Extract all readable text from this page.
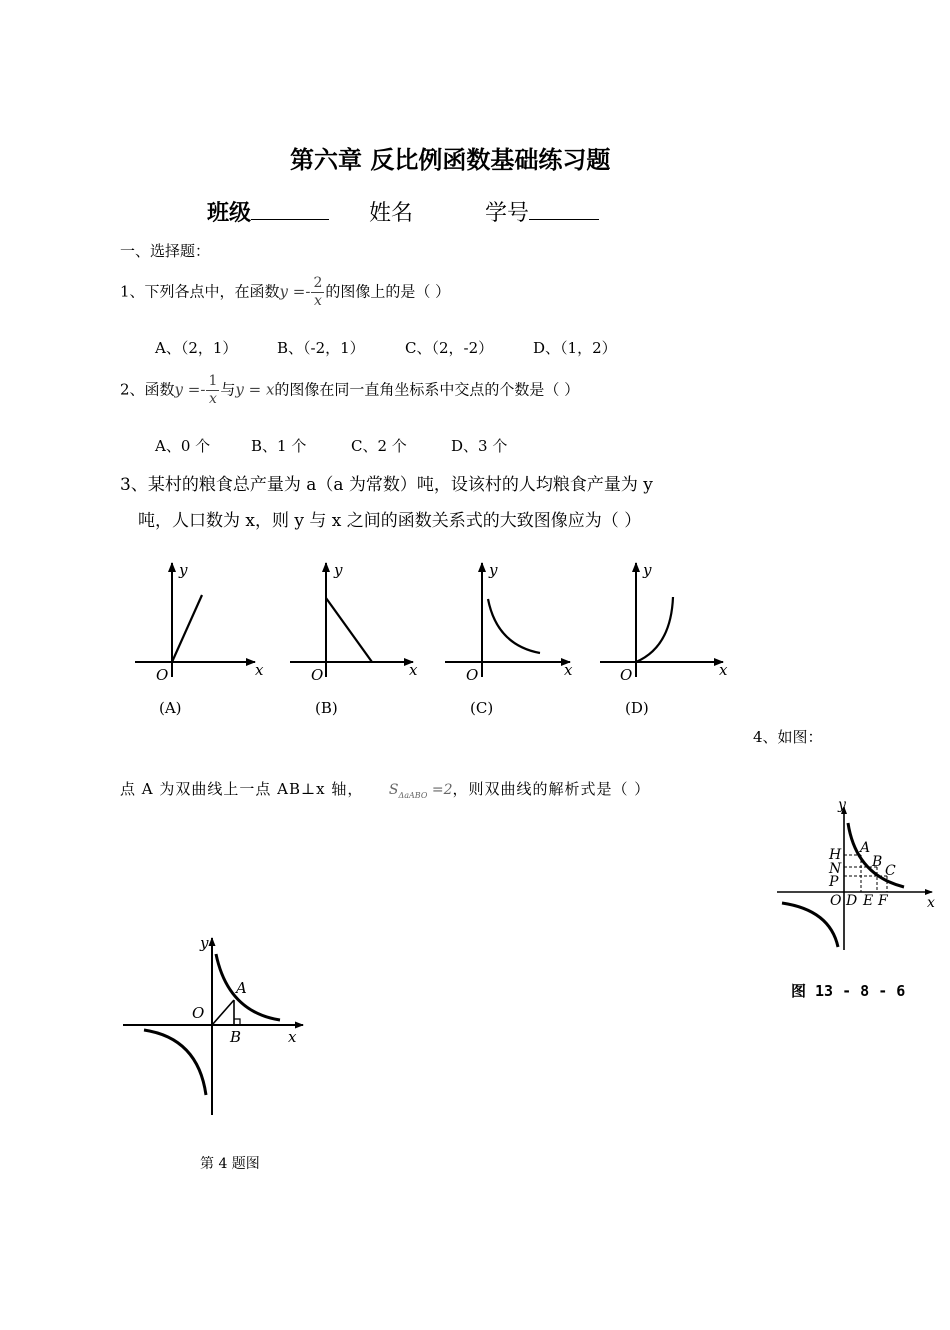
第六章 反比例函数基础练习题
班级	姓名	学号
一、选择题：
1、下列各点中，在函数$y =- \frac{2}{x}$ 的图像上的是（ ）
A、（2，1）	B、（-2，1）	C、（2，-2）	D、（1，2）
2、函数$y =- \frac{1}{x}$ 与y = x的图像在同一直角坐标系中交点的个数是（ ）
A、0 个	B、1 个	C、2 个	D、3 个
3、某村的粮食总产量为 a（a 为常数）吨，设该村的人均粮食产量为 y
吨，人口数为 x，则 y 与 x 之间的函数关系式的大致图像应为（ ）
y
x
O
(A)
y
x
O
(B)
y
x
O
(C)
y
x
O
(D)
4、如图：
点 A 为双曲线上一点 AB⊥x 轴， $S_{\Delta aABO} =2$，则双曲线的解析式是（ ）
y
x
H
N
P
O D E F
A
B
C
图 13 - 8 - 6
y
x
O
A
B
第 4 题图
